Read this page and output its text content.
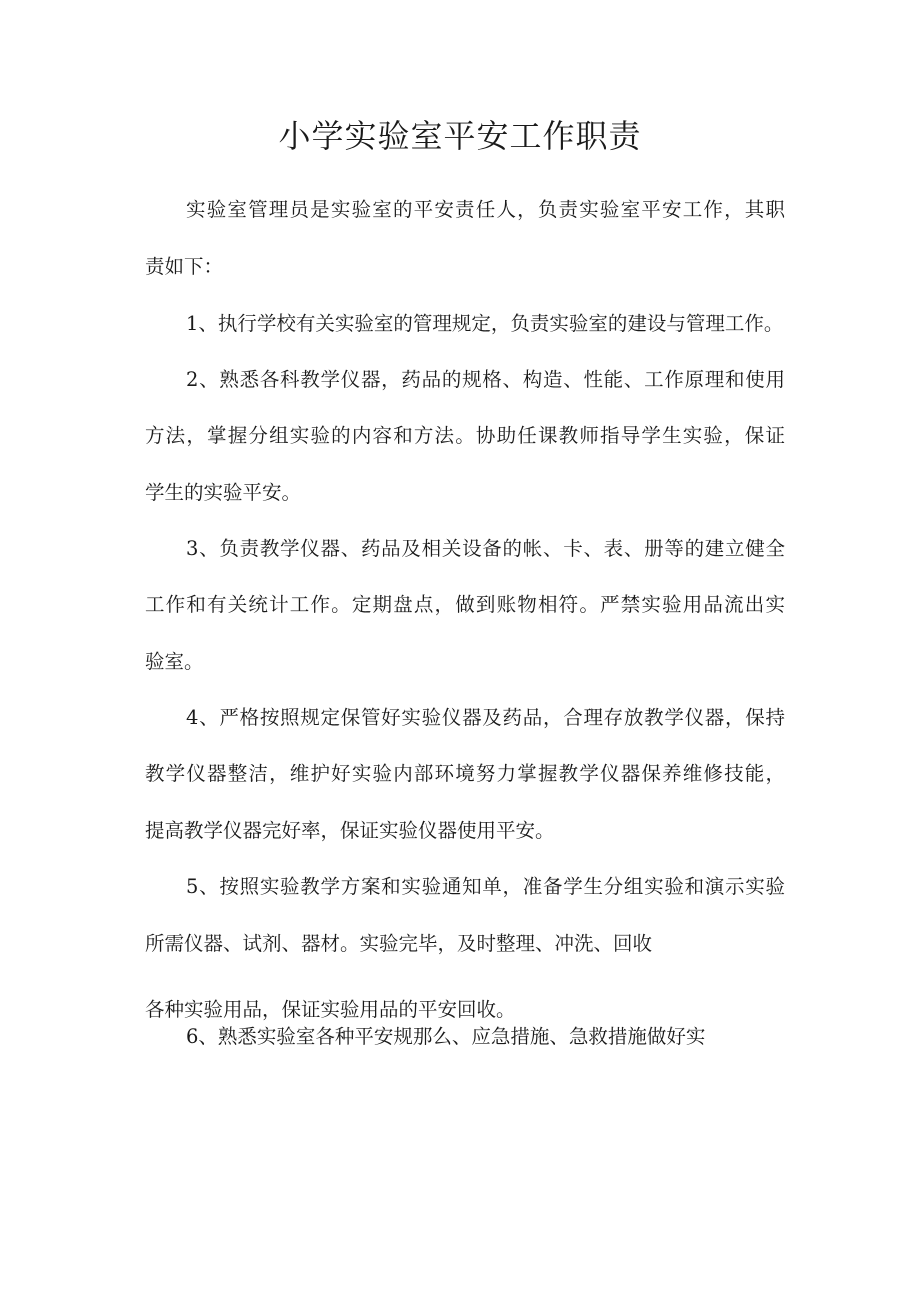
小学实验室平安工作职责
实验室管理员是实验室的平安责任人，负责实验室平安工作，其职
责如下：
1、执行学校有关实验室的管理规定，负责实验室的建设与管理工作。
2、熟悉各科教学仪器，药品的规格、构造、性能、工作原理和使用
方法，掌握分组实验的内容和方法。协助任课教师指导学生实验，保证
学生的实验平安。
3、负责教学仪器、药品及相关设备的帐、卡、表、册等的建立健全
工作和有关统计工作。定期盘点，做到账物相符。严禁实验用品流出实
验室。
4、严格按照规定保管好实验仪器及药品，合理存放教学仪器，保持
教学仪器整洁，维护好实验内部环境努力掌握教学仪器保养维修技能，
提高教学仪器完好率，保证实验仪器使用平安。
5、按照实验教学方案和实验通知单，准备学生分组实验和演示实验
所需仪器、试剂、器材。实验完毕，及时整理、冲洗、回收
各种实验用品，保证实验用品的平安回收。
6、熟悉实验室各种平安规那么、应急措施、急救措施做好实
